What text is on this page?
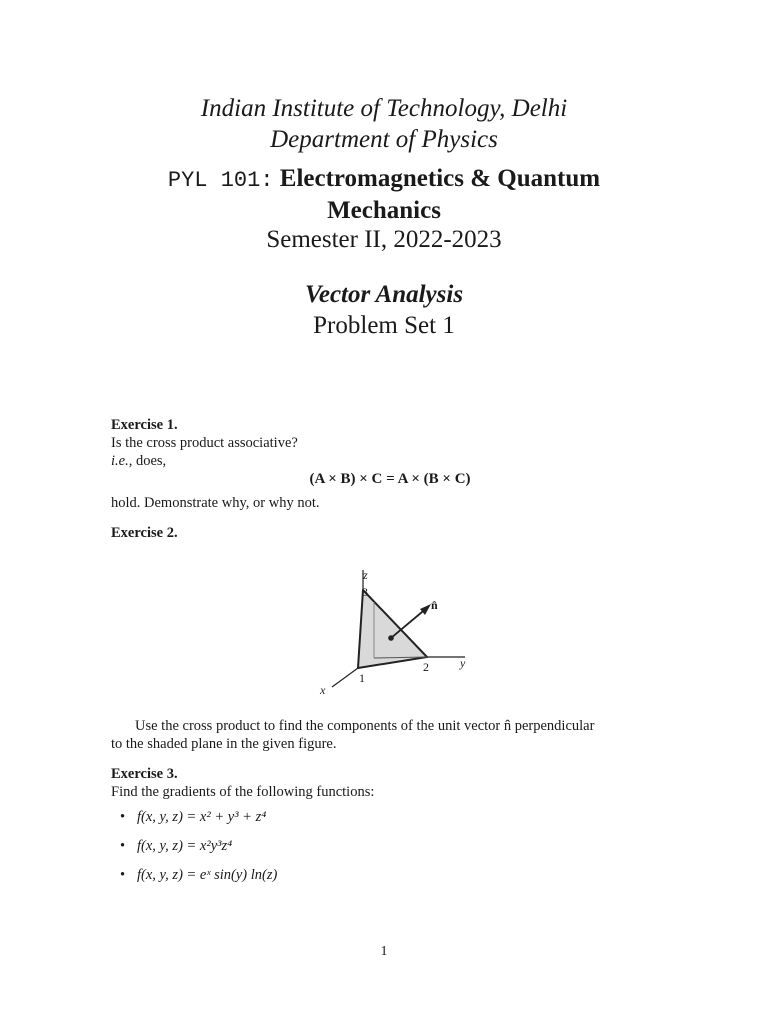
Indian Institute of Technology, Delhi
Department of Physics
PYL 101: Electromagnetics & Quantum
Mechanics
Semester II, 2022-2023
Vector Analysis
Problem Set 1
Exercise 1.
Is the cross product associative?
i.e., does,
(A × B) × C = A × (B × C)
hold. Demonstrate why, or why not.
Exercise 2.
z
3
n̂
2	y
1
x
Use the cross product to find the components of the unit vector n̂ perpendicular
to the shaded plane in the given figure.
Exercise 3.
Find the gradients of the following functions:
• f(x, y, z) = x² + y³ + z⁴
• f(x, y, z) = x²y³z⁴
• f(x, y, z) = eˣ sin(y) ln(z)
1
